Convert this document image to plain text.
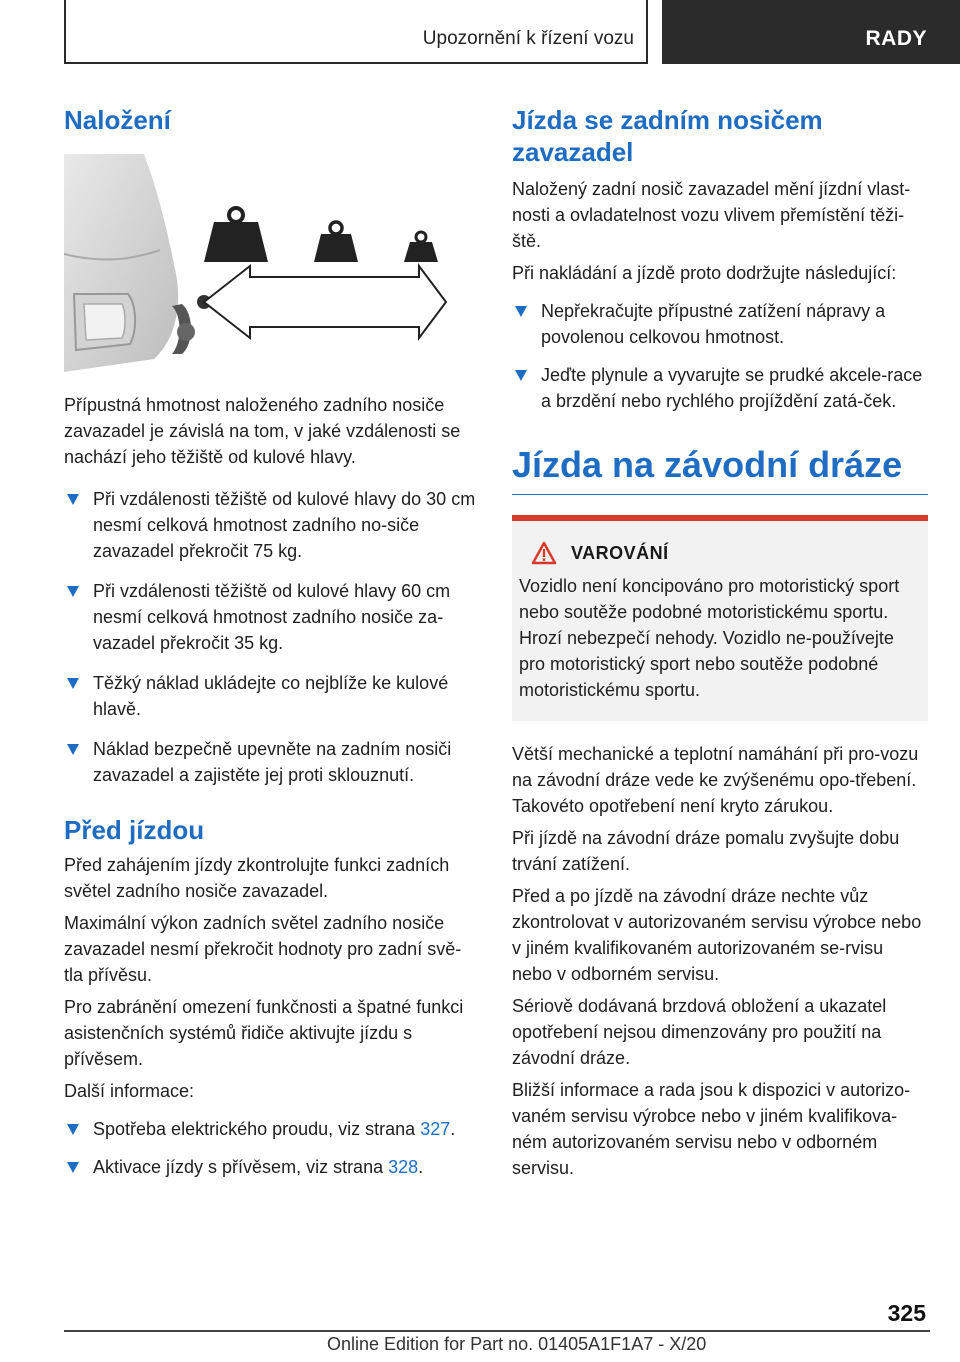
Upozornění k řízení vozu	RADY
Naložení

Přípustná hmotnost naloženého zadního nosiče zavazadel je závislá na tom, v jaké vzdálenosti se nachází jeho těžiště od kulové hlavy.

Při vzdálenosti těžiště od kulové hlavy do 30 cm nesmí celková hmotnost zadního no‐siče zavazadel překročit 75 kg.
Při vzdálenosti těžiště od kulové hlavy 60 cm nesmí celková hmotnost zadního nosiče za‐vazadel překročit 35 kg.
Těžký náklad ukládejte co nejblíže ke kulové hlavě.
Náklad bezpečně upevněte na zadním nosiči zavazadel a zajistěte jej proti sklouznutí.
Před jízdou

Před zahájením jízdy zkontrolujte funkci zadních světel zadního nosiče zavazadel.

Maximální výkon zadních světel zadního nosiče zavazadel nesmí překročit hodnoty pro zadní svě‐tla přívěsu.

Pro zabránění omezení funkčnosti a špatné funkci asistenčních systémů řidiče aktivujte jízdu s přívěsem.

Další informace:

Spotřeba elektrického proudu, viz strana 327.
Aktivace jízdy s přívěsem, viz strana 328.
Jízda se zadním nosičem zavazadel

Naložený zadní nosič zavazadel mění jízdní vlast‐nosti a ovladatelnost vozu vlivem přemístění těži‐ště.

Při nakládání a jízdě proto dodržujte následující:

Nepřekračujte přípustné zatížení nápravy a povolenou celkovou hmotnost.
Jeďte plynule a vyvarujte se prudké akcele‐race a brzdění nebo rychlého projíždění zatá‐ček.
Jízda na závodní dráze
VAROVÁNÍ

Vozidlo není koncipováno pro motoristický sport nebo soutěže podobné motoristickému sportu. Hrozí nebezpečí nehody. Vozidlo ne‐používejte pro motoristický sport nebo soutěže podobné motoristickému sportu.

Větší mechanické a teplotní namáhání při pro‐vozu na závodní dráze vede ke zvýšenému opo‐třebení. Takovéto opotřebení není kryto zárukou.

Při jízdě na závodní dráze pomalu zvyšujte dobu trvání zatížení.

Před a po jízdě na závodní dráze nechte vůz zkontrolovat v autorizovaném servisu výrobce nebo v jiném kvalifikovaném autorizovaném se‐rvisu nebo v odborném servisu.

Sériově dodávaná brzdová obložení a ukazatel opotřebení nejsou dimenzovány pro použití na závodní dráze.

Bližší informace a rada jsou k dispozici v autorizo‐vaném servisu výrobce nebo v jiném kvalifikova‐ném autorizovaném servisu nebo v odborném servisu.

325
Online Edition for Part no. 01405A1F1A7 - X/20
